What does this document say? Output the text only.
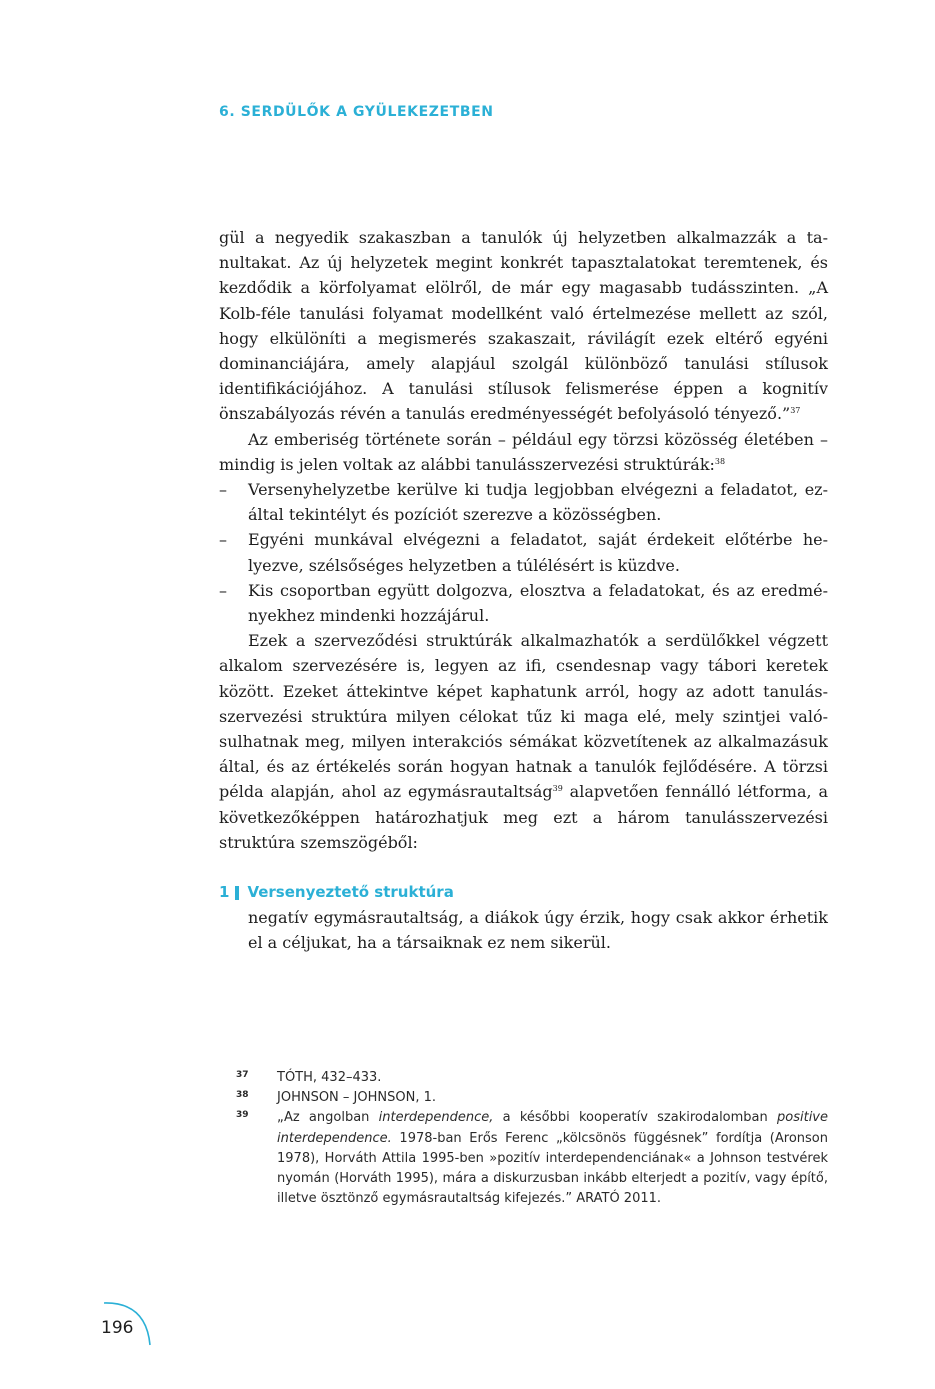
6. SERDÜLŐK A GYÜLEKEZETBEN

gül a negyedik szakaszban a tanulók új helyzetben alkalmazzák a tanultakat. Az új helyzetek megint konkrét tapasztalatokat teremtenek, és kezdődik a körfolyamat elölről, de már egy magasabb tudásszinten. „A Kolb-féle tanulási folyamat modellként való értelmezése mellett az szól, hogy elkülöníti a megismerés szakaszait, rávilágít ezek eltérő egyéni dominanciájára, amely alapjául szolgál különböző tanulási stílusok identifikációjához. A tanulási stílusok felismerése éppen a kognitív önszabályozás révén a tanulás eredményességét befolyásoló tényező.”$^{37}$

Az emberiség története során – például egy törzsi közösség életében – mindig is jelen voltak az alábbi tanulásszervezési struktúrák:$^{38}$

– Versenyhelyzetbe kerülve ki tudja legjobban elvégezni a feladatot, ezáltal tekintélyt és pozíciót szerezve a közösségben.
– Egyéni munkával elvégezni a feladatot, saját érdekeit előtérbe helyezve, szélsőséges helyzetben a túlélésért is küzdve.
– Kis csoportban együtt dolgozva, elosztva a feladatokat, és az eredményekhez mindenki hozzájárul.

Ezek a szerveződési struktúrák alkalmazhatók a serdülőkkel végzett alkalom szervezésére is, legyen az ifi, csendesnap vagy tábori keretek között. Ezeket áttekintve képet kaphatunk arról, hogy az adott tanulásszervezési struktúra milyen célokat tűz ki maga elé, mely szintjei valósulhatnak meg, milyen interakciós sémákat közvetítenek az alkalmazásuk által, és az értékelés során hogyan hatnak a tanulók fejlődésére. A törzsi példa alapján, ahol az egymásrautaltság$^{39}$ alapvetően fennálló létforma, a következőképpen határozhatjuk meg ezt a három tanulásszervezési struktúra szemszögéből:

1 Versenyeztető struktúra
negatív egymásrautaltság, a diákok úgy érzik, hogy csak akkor érhetik el a céljukat, ha a társaiknak ez nem sikerül.
37	TÓTH, 432–433.
38	JOHNSON – JOHNSON, 1.
39	„Az angolban interdependence, a későbbi kooperatív szakirodalomban positive interdependence. 1978-ban Erős Ferenc „kölcsönös függésnek” fordítja (Aronson 1978), Horváth Attila 1995-ben »pozitív interdependenciának« a Johnson testvérek nyomán (Horváth 1995), mára a diskurzusban inkább elterjedt a pozitív, vagy építő, illetve ösztönző egymásrautaltság kifejezés.” ARATÓ 2011.
196
